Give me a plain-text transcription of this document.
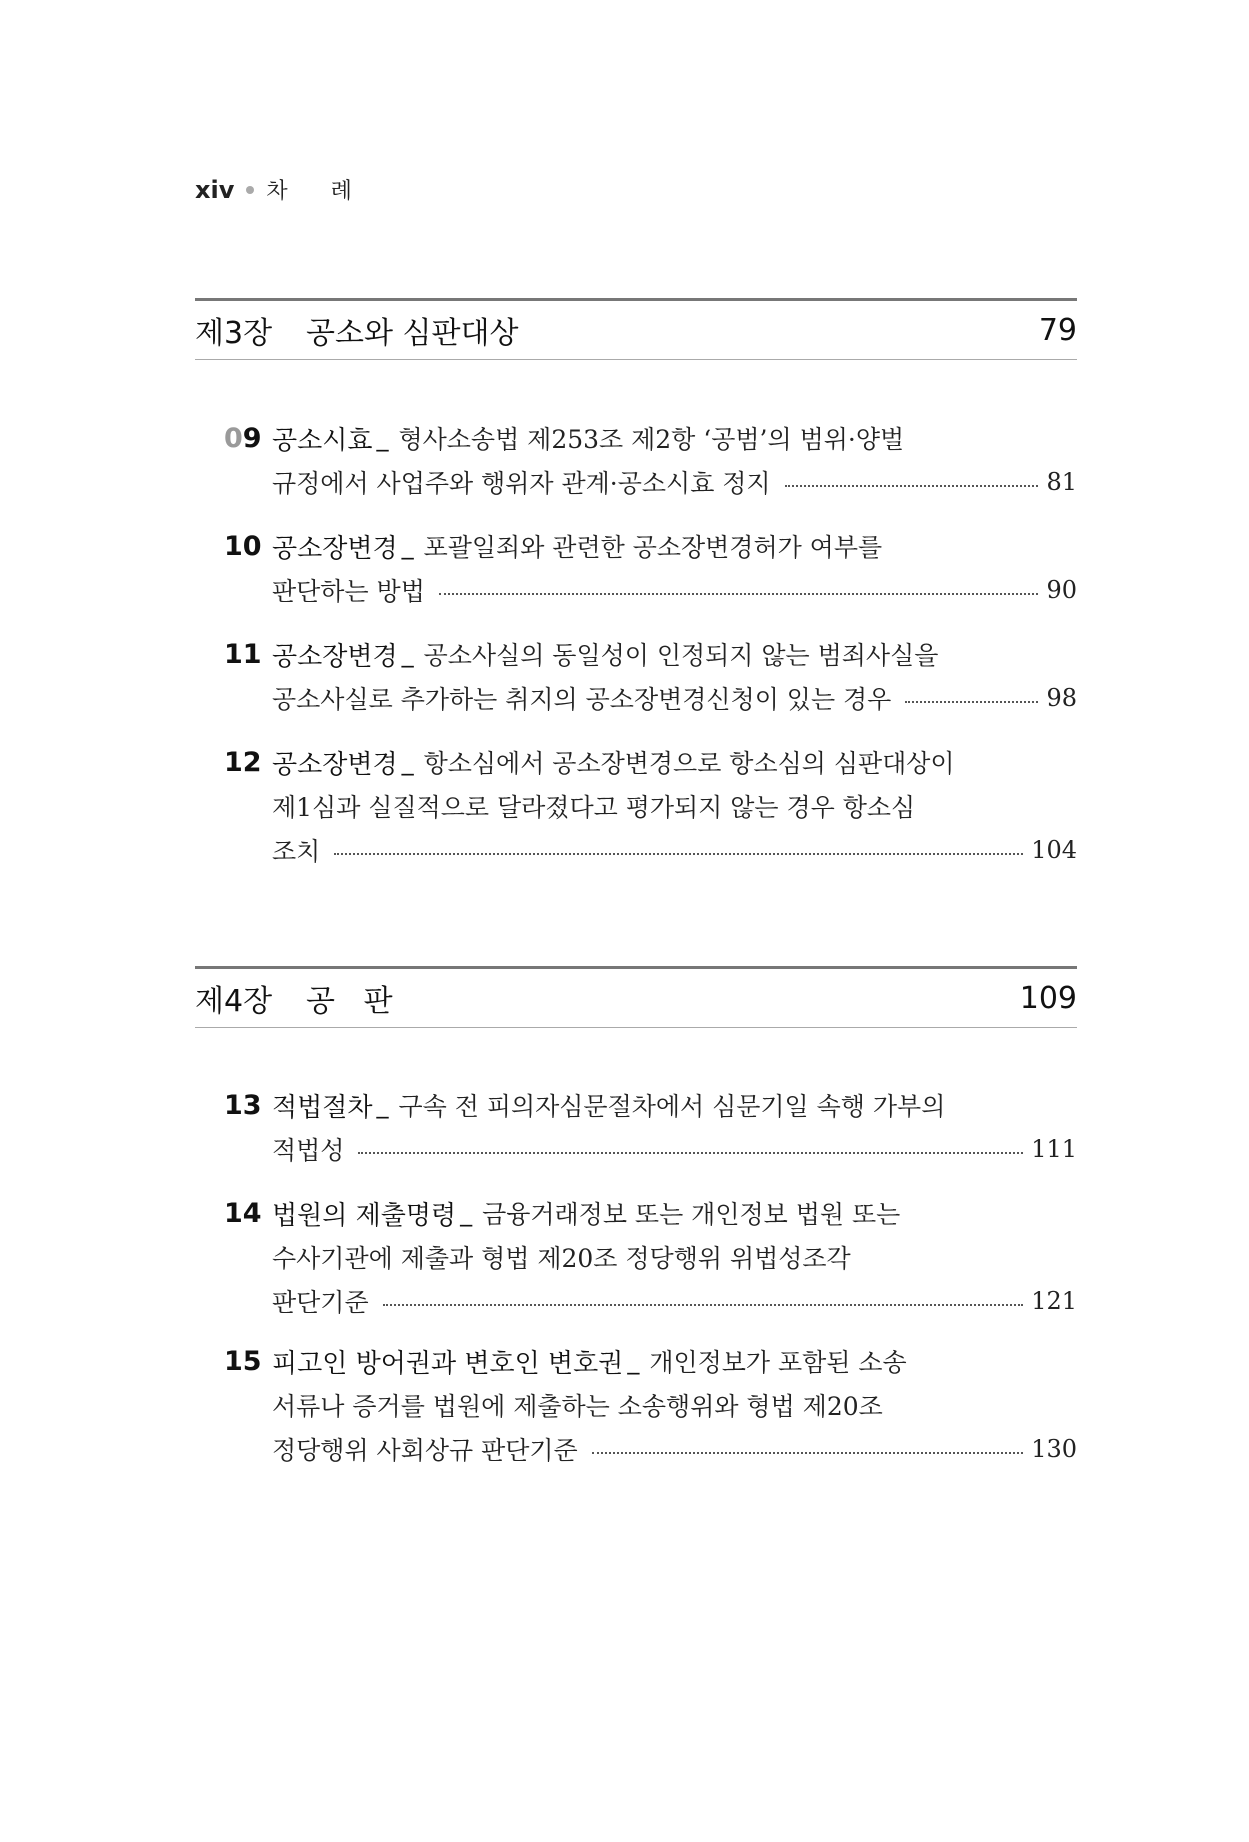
xiv 차 례
제3장 공소와 심판대상	79
09 공소시효 _ 형사소송법 제253조 제2항 ‘공범’의 범위·양벌
규정에서 사업주와 행위자 관계·공소시효 정지	81
10 공소장변경 _ 포괄일죄와 관련한 공소장변경허가 여부를
판단하는 방법	90
11 공소장변경 _ 공소사실의 동일성이 인정되지 않는 범죄사실을
공소사실로 추가하는 취지의 공소장변경신청이 있는 경우	98
12 공소장변경 _ 항소심에서 공소장변경으로 항소심의 심판대상이
제1심과 실질적으로 달라졌다고 평가되지 않는 경우 항소심
조치	104
제4장 공   판	109
13 적법절차 _ 구속 전 피의자심문절차에서 심문기일 속행 가부의
적법성	111
14 법원의 제출명령 _ 금융거래정보 또는 개인정보 법원 또는
수사기관에 제출과 형법 제20조 정당행위 위법성조각
판단기준	121
15 피고인 방어권과 변호인 변호권 _ 개인정보가 포함된 소송
서류나 증거를 법원에 제출하는 소송행위와 형법 제20조
정당행위 사회상규 판단기준	130
